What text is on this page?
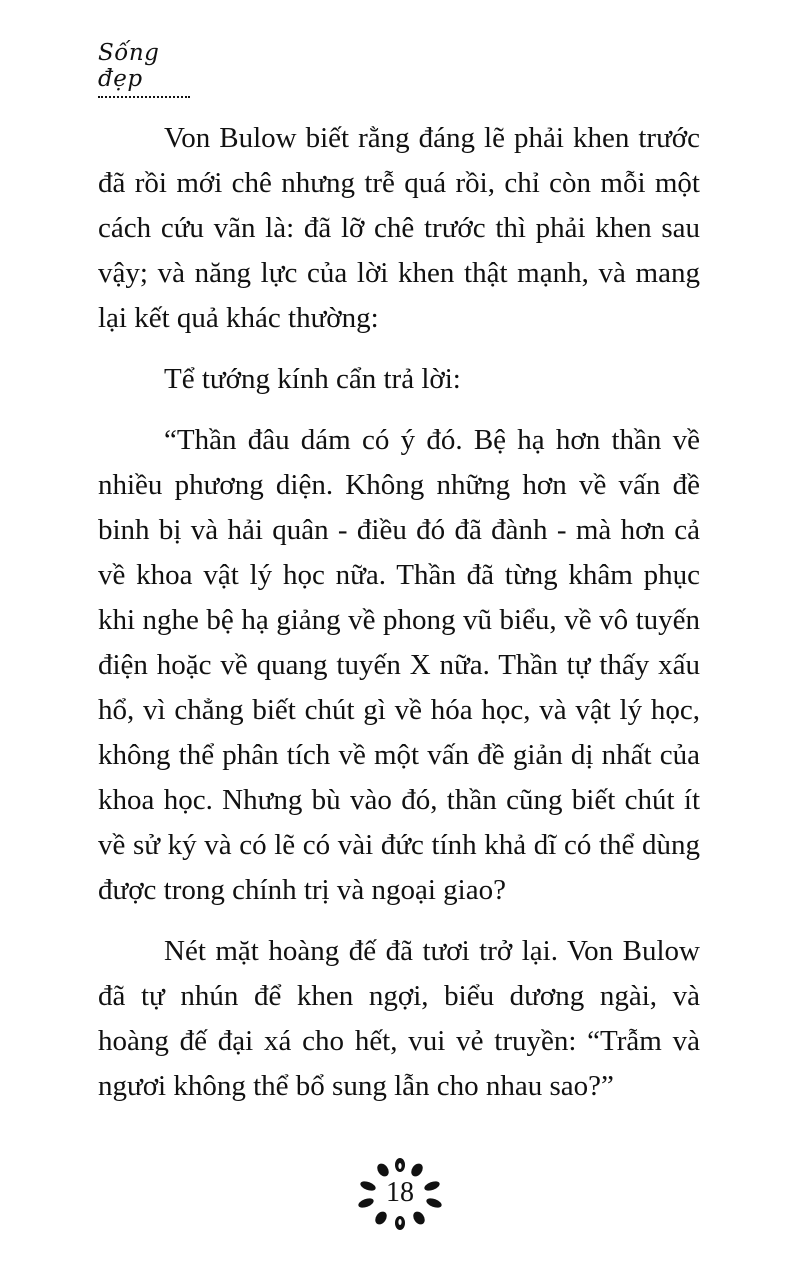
Sống đẹp

Von Bulow biết rằng đáng lẽ phải khen trước đã rồi mới chê nhưng trễ quá rồi, chỉ còn mỗi một cách cứu vãn là: đã lỡ chê trước thì phải khen sau vậy; và năng lực của lời khen thật mạnh, và mang lại kết quả khác thường:

Tể tướng kính cẩn trả lời:

“Thần đâu dám có ý đó. Bệ hạ hơn thần về nhiều phương diện. Không những hơn về vấn đề binh bị và hải quân - điều đó đã đành - mà hơn cả về khoa vật lý học nữa. Thần đã từng khâm phục khi nghe bệ hạ giảng về phong vũ biểu, về vô tuyến điện hoặc về quang tuyến X nữa. Thần tự thấy xấu hổ, vì chẳng biết chút gì về hóa học, và vật lý học, không thể phân tích về một vấn đề giản dị nhất của khoa học. Nhưng bù vào đó, thần cũng biết chút ít về sử ký và có lẽ có vài đức tính khả dĩ có thể dùng được trong chính trị và ngoại giao?

Nét mặt hoàng đế đã tươi trở lại. Von Bulow đã tự nhún để khen ngợi, biểu dương ngài, và hoàng đế đại xá cho hết, vui vẻ truyền: “Trẫm và ngươi không thể bổ sung lẫn cho nhau sao?”

18
